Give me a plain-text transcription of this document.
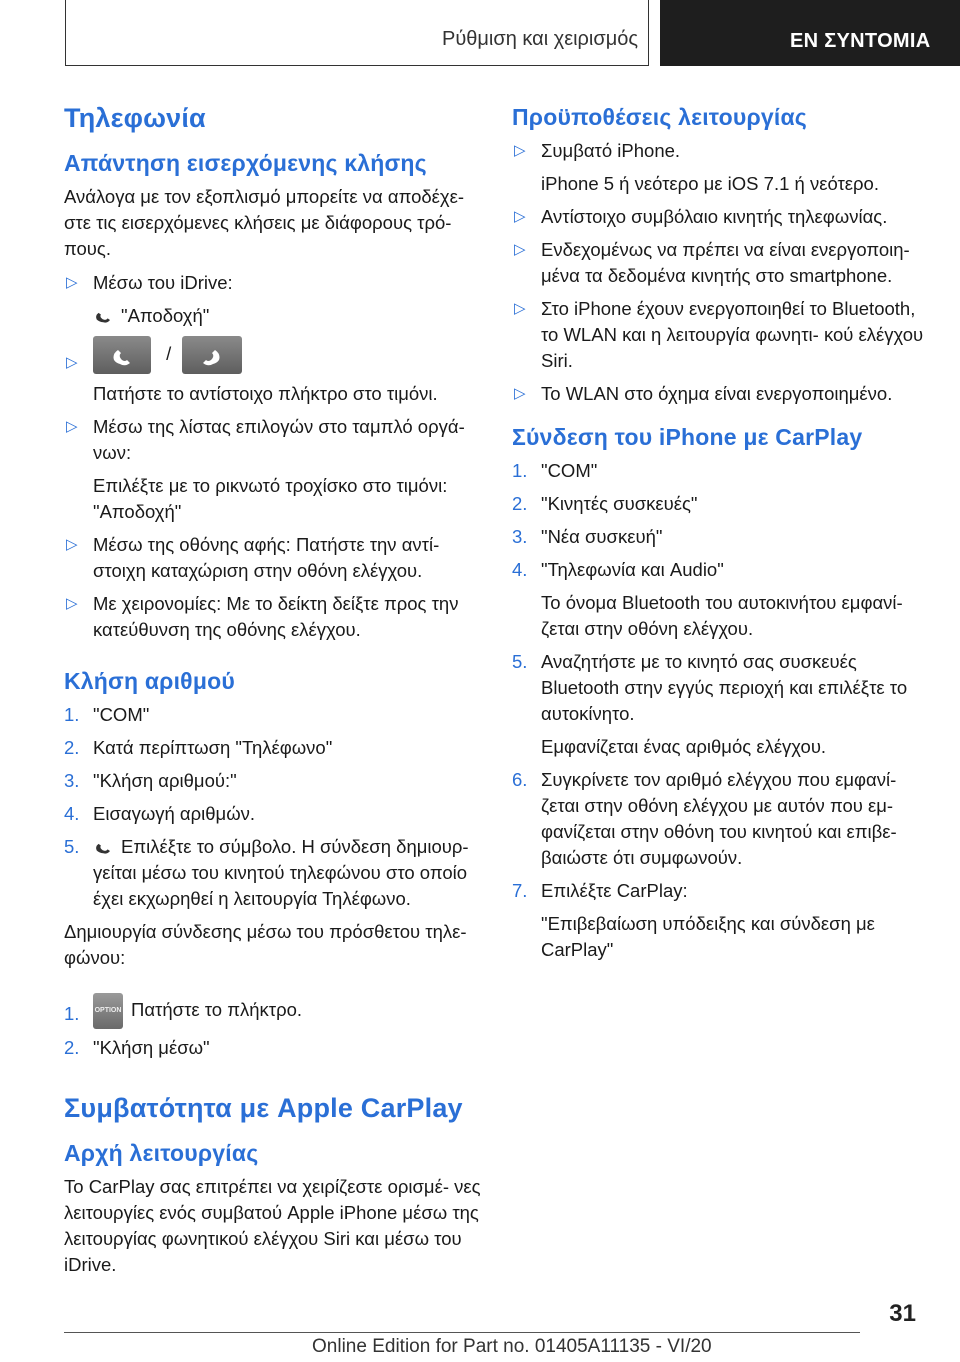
Ρύθμιση και χειρισμός	EN ΣΥΝΤΟΜΙΑ
Τηλεφωνία
Απάντηση εισερχόμενης κλήσης
Ανάλογα με τον εξοπλισμό μπορείτε να αποδέχε- στε τις εισερχόμενες κλήσεις με διάφορους τρό- πους.
▷ Μέσω του iDrive:
"Αποδοχή"
▷	/
Πατήστε το αντίστοιχο πλήκτρο στο τιμόνι.
▷ Μέσω της λίστας επιλογών στο ταμπλό οργά- νων:
Επιλέξτε με το ρικνωτό τροχίσκο στο τιμόνι:
"Αποδοχή"
▷ Μέσω της οθόνης αφής: Πατήστε την αντί- στοιχη καταχώριση στην οθόνη ελέγχου.
▷ Με χειρονομίες: Με το δείκτη δείξτε προς την κατεύθυνση της οθόνης ελέγχου.
Κλήση αριθμού
1. "COM"
2. Κατά περίπτωση "Τηλέφωνο"
3. "Κλήση αριθμού:"
4. Εισαγωγή αριθμών.
5. Επιλέξτε το σύμβολο. Η σύνδεση δημιουρ- γείται μέσω του κινητού τηλεφώνου στο οποίο έχει εκχωρηθεί η λειτουργία Τηλέφωνο.
Δημιουργία σύνδεσης μέσω του πρόσθετου τηλε- φώνου:
1. OPTION Πατήστε το πλήκτρο.
2. "Κλήση μέσω"
Συμβατότητα με Apple CarPlay
Αρχή λειτουργίας
Το CarPlay σας επιτρέπει να χειρίζεστε ορισμέ- νες λειτουργίες ενός συμβατού Apple iPhone μέσω της λειτουργίας φωνητικού ελέγχου Siri και μέσω του iDrive.
Προϋποθέσεις λειτουργίας
▷ Συμβατό iPhone.
iPhone 5 ή νεότερο με iOS 7.1 ή νεότερο.
▷ Αντίστοιχο συμβόλαιο κινητής τηλεφωνίας.
▷ Ενδεχομένως να πρέπει να είναι ενεργοποιη- μένα τα δεδομένα κινητής στο smartphone.
▷ Στο iPhone έχουν ενεργοποιηθεί το Bluetooth, το WLAN και η λειτουργία φωνητι- κού ελέγχου Siri.
▷ Το WLAN στο όχημα είναι ενεργοποιημένο.
Σύνδεση του iPhone με CarPlay
1. "COM"
2. "Κινητές συσκευές"
3. "Νέα συσκευή"
4. "Τηλεφωνία και Audio"
Το όνομα Bluetooth του αυτοκινήτου εμφανί- ζεται στην οθόνη ελέγχου.
5. Αναζητήστε με το κινητό σας συσκευές Bluetooth στην εγγύς περιοχή και επιλέξτε το αυτοκίνητο.
Εμφανίζεται ένας αριθμός ελέγχου.
6. Συγκρίνετε τον αριθμό ελέγχου που εμφανί- ζεται στην οθόνη ελέγχου με αυτόν που εμ- φανίζεται στην οθόνη του κινητού και επιβε- βαιώστε ότι συμφωνούν.
7. Επιλέξτε CarPlay:
"Επιβεβαίωση υπόδειξης και σύνδεση με CarPlay"
31
Online Edition for Part no. 01405A11135 - VI/20
